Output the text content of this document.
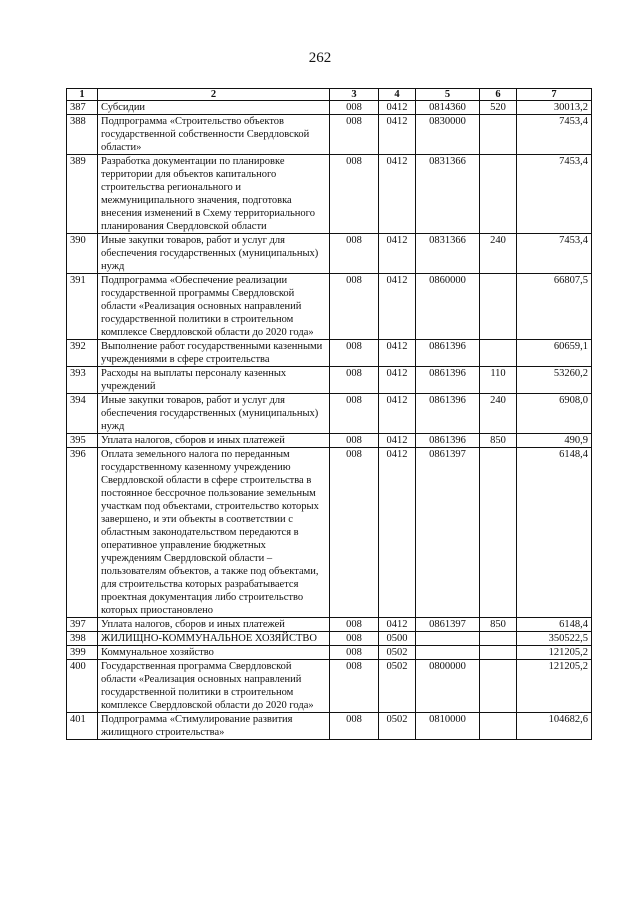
262
1	2	3	4	5	6	7
387	Субсидии	008	0412	0814360	520	30013,2
388	Подпрограмма «Строительство объектов государственной собственности Свердловской области»	008	0412	0830000		7453,4
389	Разработка документации по планировке территории для объектов капитального строительства регионального и межмуниципального значения, подготовка внесения изменений в Схему территориального планирования Свердловской области	008	0412	0831366		7453,4
390	Иные закупки товаров, работ и услуг для обеспечения государственных (муниципальных) нужд	008	0412	0831366	240	7453,4
391	Подпрограмма «Обеспечение реализации государственной программы Свердловской области «Реализация основных направлений государственной политики в строительном комплексе Свердловской области до 2020 года»	008	0412	0860000		66807,5
392	Выполнение работ государственными казенными учреждениями в сфере строительства	008	0412	0861396		60659,1
393	Расходы на выплаты персоналу казенных учреждений	008	0412	0861396	110	53260,2
394	Иные закупки товаров, работ и услуг для обеспечения государственных (муниципальных) нужд	008	0412	0861396	240	6908,0
395	Уплата налогов, сборов и иных платежей	008	0412	0861396	850	490,9
396	Оплата земельного налога по переданным государственному казенному учреждению Свердловской области в сфере строительства в постоянное бессрочное пользование земельным участкам под объектами, строительство которых завершено, и эти объекты в соответствии с областным законодательством передаются в оперативное управление бюджетных учреждениям Свердловской области – пользователям объектов, а также под объектами, для строительства которых разрабатывается проектная документация либо строительство которых приостановлено	008	0412	0861397		6148,4
397	Уплата налогов, сборов и иных платежей	008	0412	0861397	850	6148,4
398	ЖИЛИЩНО-КОММУНАЛЬНОЕ ХОЗЯЙСТВО	008	0500			350522,5
399	Коммунальное хозяйство	008	0502			121205,2
400	Государственная программа Свердловской области «Реализация основных направлений государственной политики в строительном комплексе Свердловской области до 2020 года»	008	0502	0800000		121205,2
401	Подпрограмма «Стимулирование развития жилищного строительства»	008	0502	0810000		104682,6
